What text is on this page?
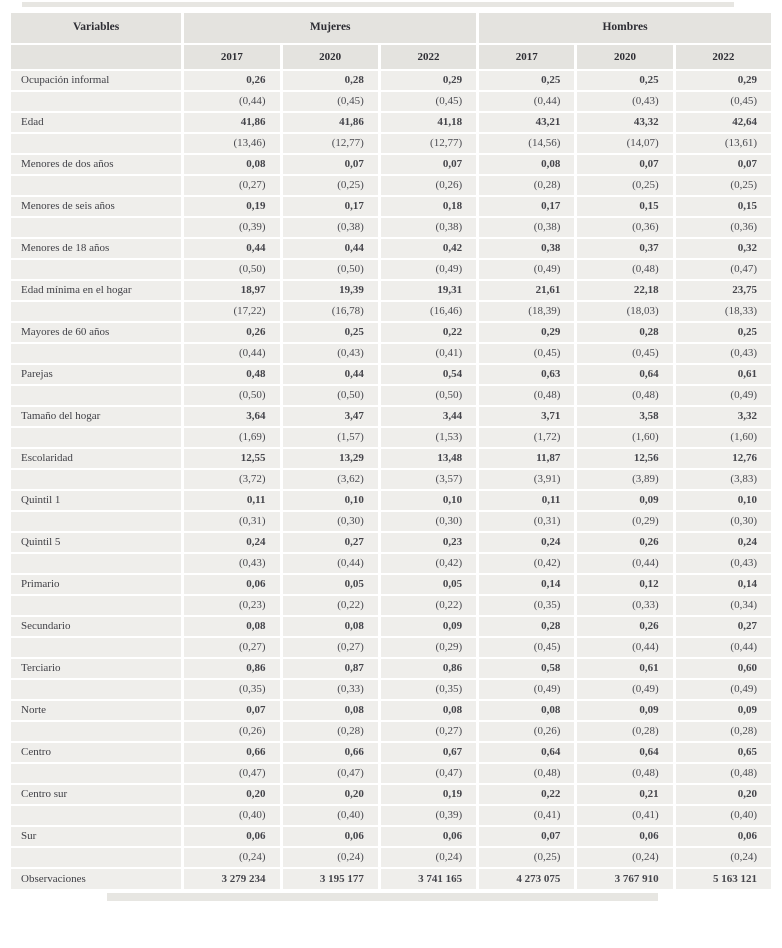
Variables	Mujeres			Hombres		
	2017	2020	2022	2017	2020	2022
Ocupación informal	0,26	0,28	0,29	0,25	0,25	0,29
	(0,44)	(0,45)	(0,45)	(0,44)	(0,43)	(0,45)
Edad	41,86	41,86	41,18	43,21	43,32	42,64
	(13,46)	(12,77)	(12,77)	(14,56)	(14,07)	(13,61)
Menores de dos años	0,08	0,07	0,07	0,08	0,07	0,07
	(0,27)	(0,25)	(0,26)	(0,28)	(0,25)	(0,25)
Menores de seis años	0,19	0,17	0,18	0,17	0,15	0,15
	(0,39)	(0,38)	(0,38)	(0,38)	(0,36)	(0,36)
Menores de 18 años	0,44	0,44	0,42	0,38	0,37	0,32
	(0,50)	(0,50)	(0,49)	(0,49)	(0,48)	(0,47)
Edad mínima en el hogar	18,97	19,39	19,31	21,61	22,18	23,75
	(17,22)	(16,78)	(16,46)	(18,39)	(18,03)	(18,33)
Mayores de 60 años	0,26	0,25	0,22	0,29	0,28	0,25
	(0,44)	(0,43)	(0,41)	(0,45)	(0,45)	(0,43)
Parejas	0,48	0,44	0,54	0,63	0,64	0,61
	(0,50)	(0,50)	(0,50)	(0,48)	(0,48)	(0,49)
Tamaño del hogar	3,64	3,47	3,44	3,71	3,58	3,32
	(1,69)	(1,57)	(1,53)	(1,72)	(1,60)	(1,60)
Escolaridad	12,55	13,29	13,48	11,87	12,56	12,76
	(3,72)	(3,62)	(3,57)	(3,91)	(3,89)	(3,83)
Quintil 1	0,11	0,10	0,10	0,11	0,09	0,10
	(0,31)	(0,30)	(0,30)	(0,31)	(0,29)	(0,30)
Quintil 5	0,24	0,27	0,23	0,24	0,26	0,24
	(0,43)	(0,44)	(0,42)	(0,42)	(0,44)	(0,43)
Primario	0,06	0,05	0,05	0,14	0,12	0,14
	(0,23)	(0,22)	(0,22)	(0,35)	(0,33)	(0,34)
Secundario	0,08	0,08	0,09	0,28	0,26	0,27
	(0,27)	(0,27)	(0,29)	(0,45)	(0,44)	(0,44)
Terciario	0,86	0,87	0,86	0,58	0,61	0,60
	(0,35)	(0,33)	(0,35)	(0,49)	(0,49)	(0,49)
Norte	0,07	0,08	0,08	0,08	0,09	0,09
	(0,26)	(0,28)	(0,27)	(0,26)	(0,28)	(0,28)
Centro	0,66	0,66	0,67	0,64	0,64	0,65
	(0,47)	(0,47)	(0,47)	(0,48)	(0,48)	(0,48)
Centro sur	0,20	0,20	0,19	0,22	0,21	0,20
	(0,40)	(0,40)	(0,39)	(0,41)	(0,41)	(0,40)
Sur	0,06	0,06	0,06	0,07	0,06	0,06
	(0,24)	(0,24)	(0,24)	(0,25)	(0,24)	(0,24)
Observaciones	3 279 234	3 195 177	3 741 165	4 273 075	3 767 910	5 163 121
